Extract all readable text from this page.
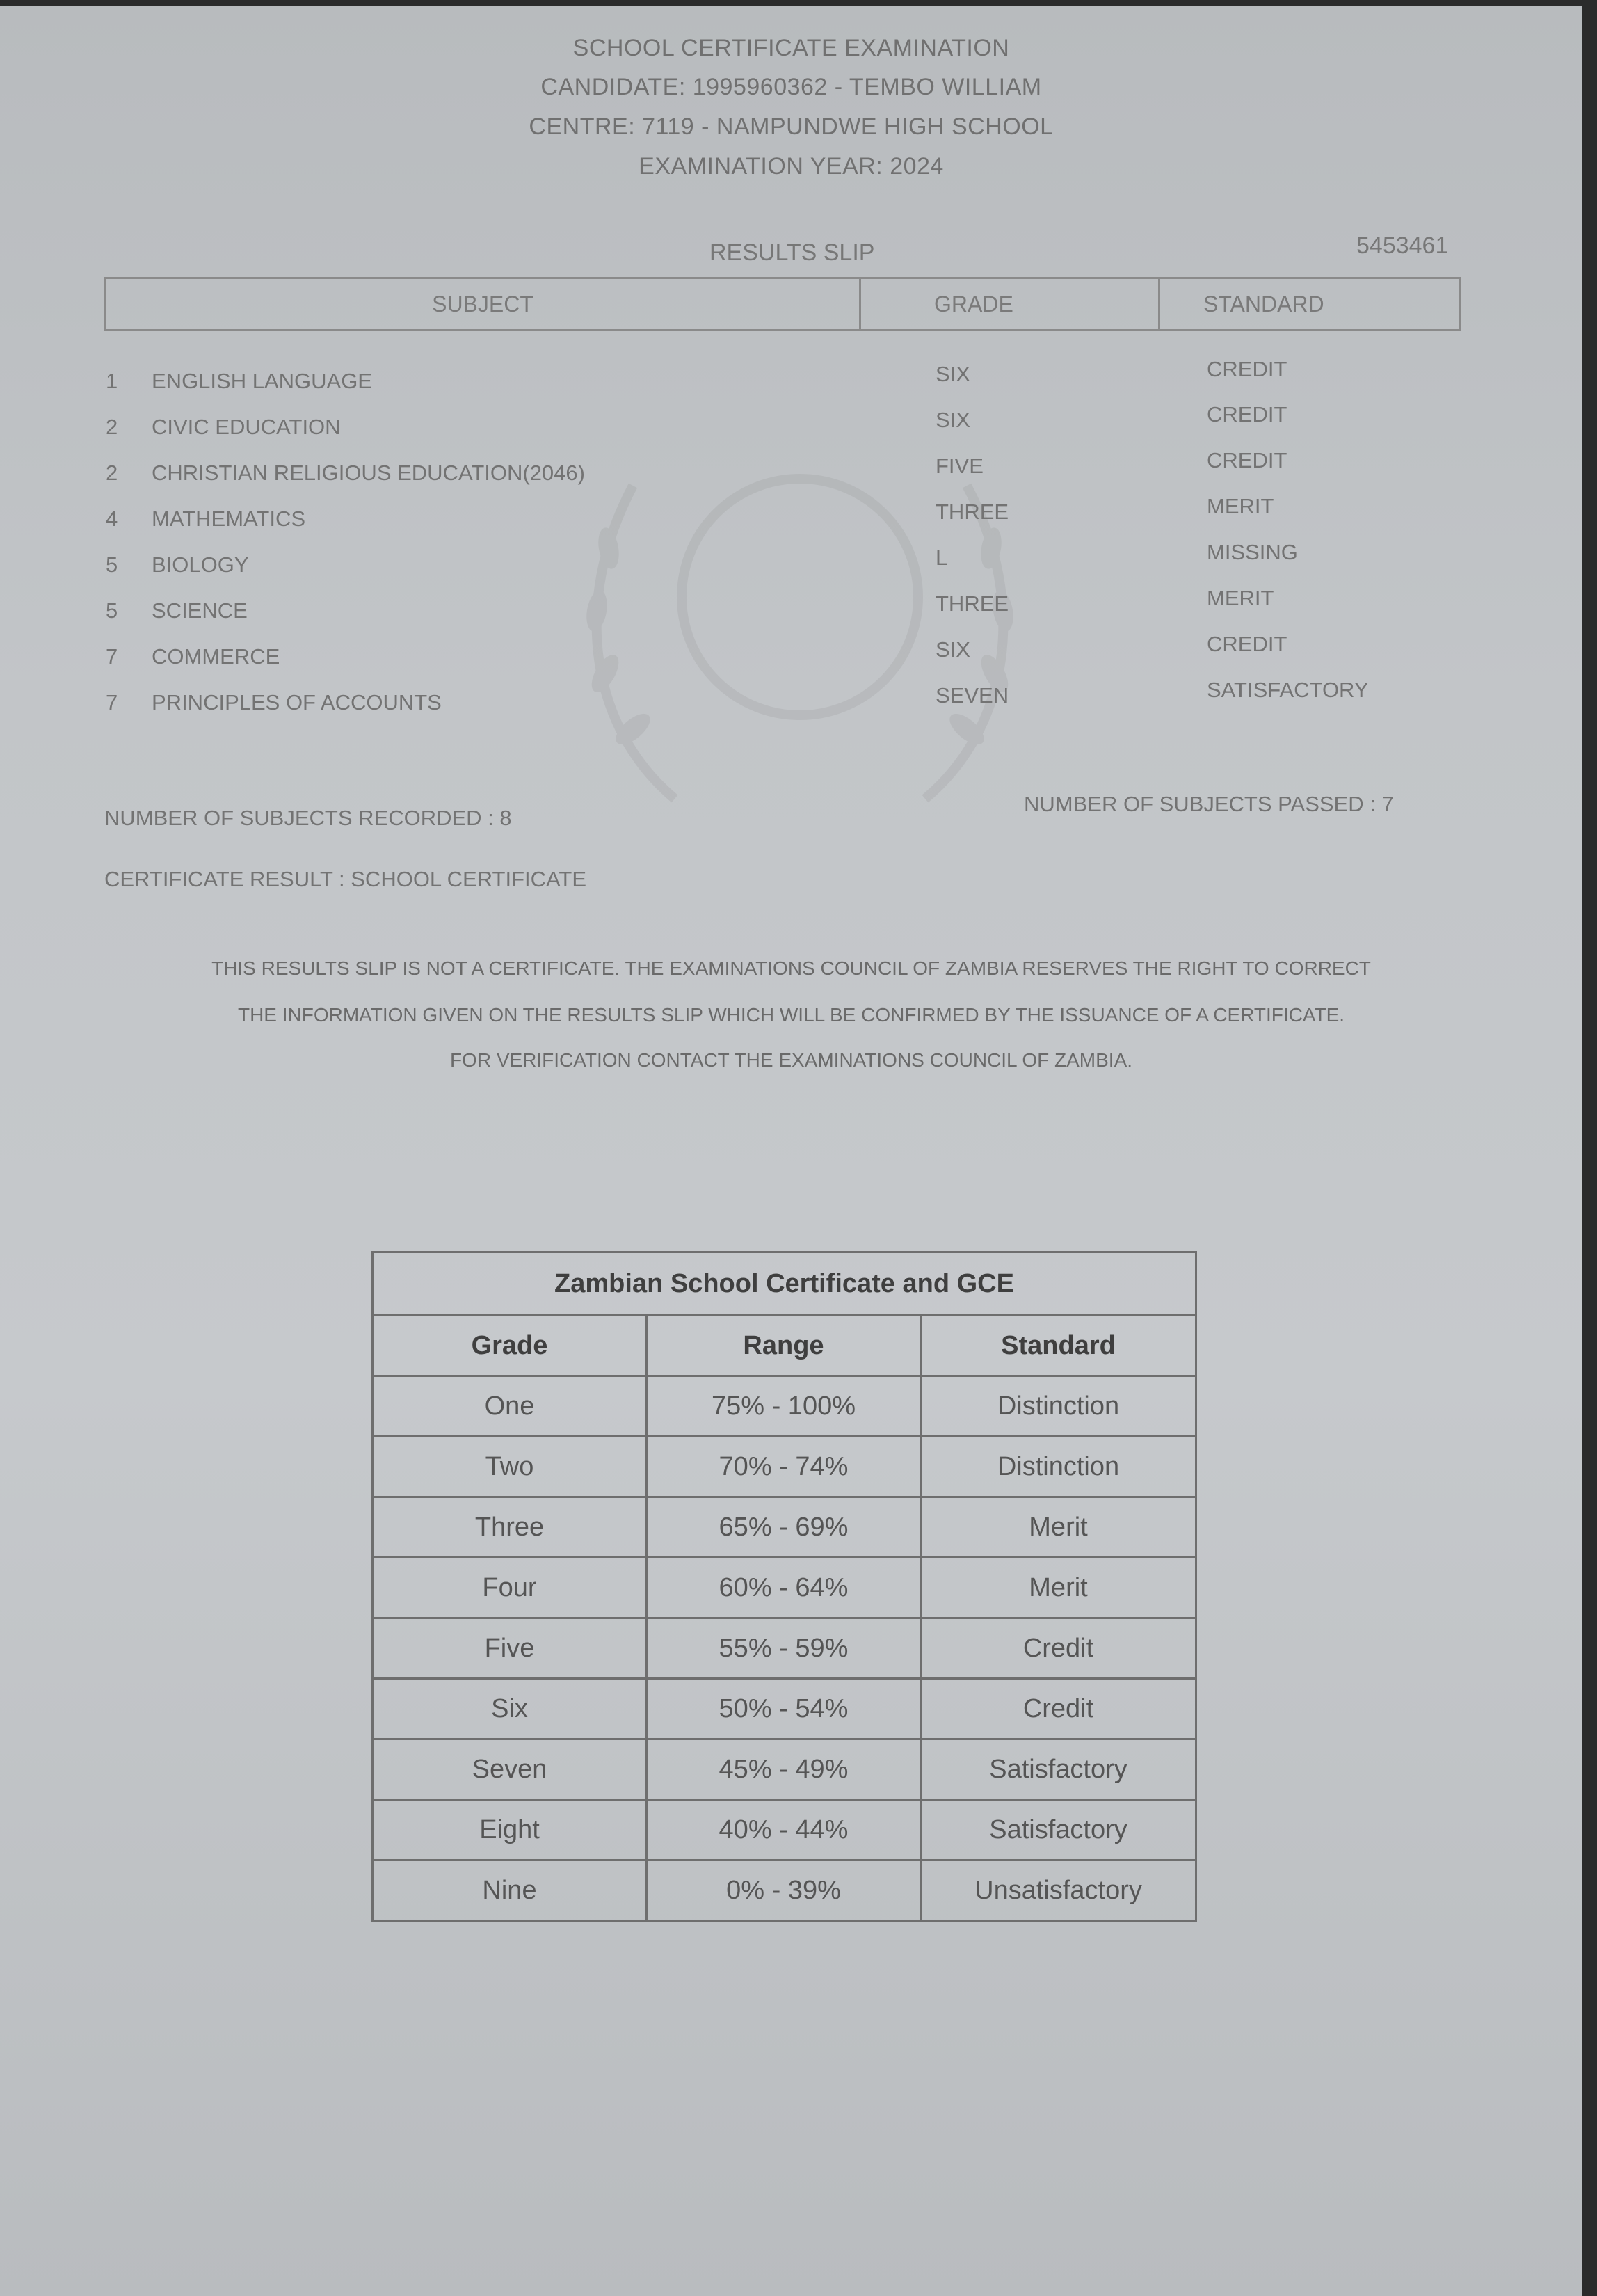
SCHOOL CERTIFICATE EXAMINATION
CANDIDATE: 1995960362 - TEMBO WILLIAM
CENTRE: 7119 - NAMPUNDWE HIGH SCHOOL
EXAMINATION YEAR: 2024
RESULTS SLIP	5453461
SUBJECT	GRADE	STANDARD
1 ENGLISH LANGUAGE	SIX	CREDIT
2 CIVIC EDUCATION	SIX	CREDIT
2 CHRISTIAN RELIGIOUS EDUCATION(2046)	FIVE	CREDIT
4 MATHEMATICS	THREE	MERIT
5 BIOLOGY	L	MISSING
5 SCIENCE	THREE	MERIT
7 COMMERCE	SIX	CREDIT
7 PRINCIPLES OF ACCOUNTS	SEVEN	SATISFACTORY
NUMBER OF SUBJECTS RECORDED : 8
NUMBER OF SUBJECTS PASSED : 7
CERTIFICATE RESULT : SCHOOL CERTIFICATE
THIS RESULTS SLIP IS NOT A CERTIFICATE. THE EXAMINATIONS COUNCIL OF ZAMBIA RESERVES THE RIGHT TO CORRECT
THE INFORMATION GIVEN ON THE RESULTS SLIP WHICH WILL BE CONFIRMED BY THE ISSUANCE OF A CERTIFICATE.
FOR VERIFICATION CONTACT THE EXAMINATIONS COUNCIL OF ZAMBIA.
Zambian School Certificate and GCE		
Grade	Range	Standard
One	75% - 100%	Distinction
Two	70% - 74%	Distinction
Three	65% - 69%	Merit
Four	60% - 64%	Merit
Five	55% - 59%	Credit
Six	50% - 54%	Credit
Seven	45% - 49%	Satisfactory
Eight	40% - 44%	Satisfactory
Nine	0% - 39%	Unsatisfactory
